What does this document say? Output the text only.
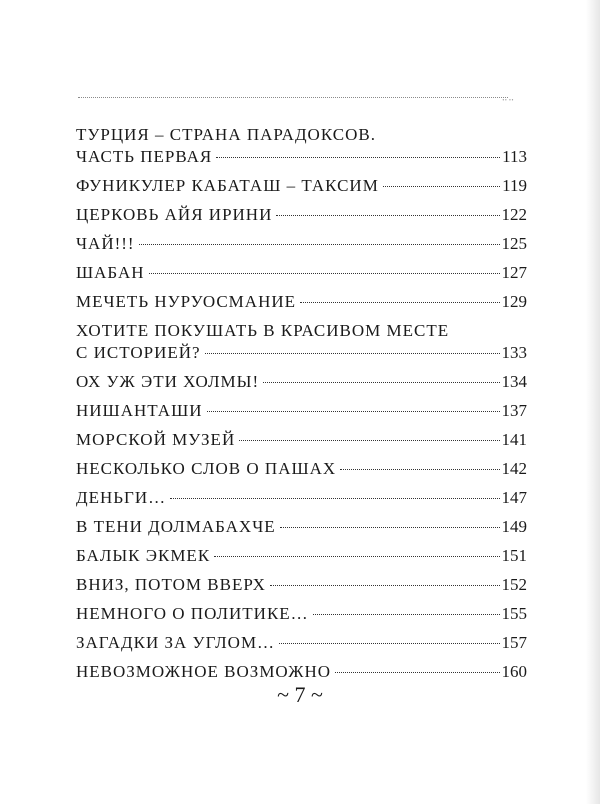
᠃᠃
ТУРЦИЯ – СТРАНА ПАРАДОКСОВ.
ЧАСТЬ ПЕРВАЯ	113
ФУНИКУЛЕР КАБАТАШ – ТАКСИМ	119
ЦЕРКОВЬ АЙЯ ИРИНИ	122
ЧАЙ!!!	125
ШАБАН	127
МЕЧЕТЬ НУРУОСМАНИЕ	129
ХОТИТЕ ПОКУШАТЬ В КРАСИВОМ МЕСТЕ
С ИСТОРИЕЙ?	133
ОХ УЖ ЭТИ ХОЛМЫ!	134
НИШАНТАШИ	137
МОРСКОЙ МУЗЕЙ	141
НЕСКОЛЬКО СЛОВ О ПАШАХ	142
ДЕНЬГИ…	147
В ТЕНИ ДОЛМАБАХЧЕ	149
БАЛЫК ЭКМЕК	151
ВНИЗ, ПОТОМ ВВЕРХ	152
НЕМНОГО О ПОЛИТИКЕ…	155
ЗАГАДКИ ЗА УГЛОМ…	157
НЕВОЗМОЖНОЕ ВОЗМОЖНО	160
~ 7 ~
